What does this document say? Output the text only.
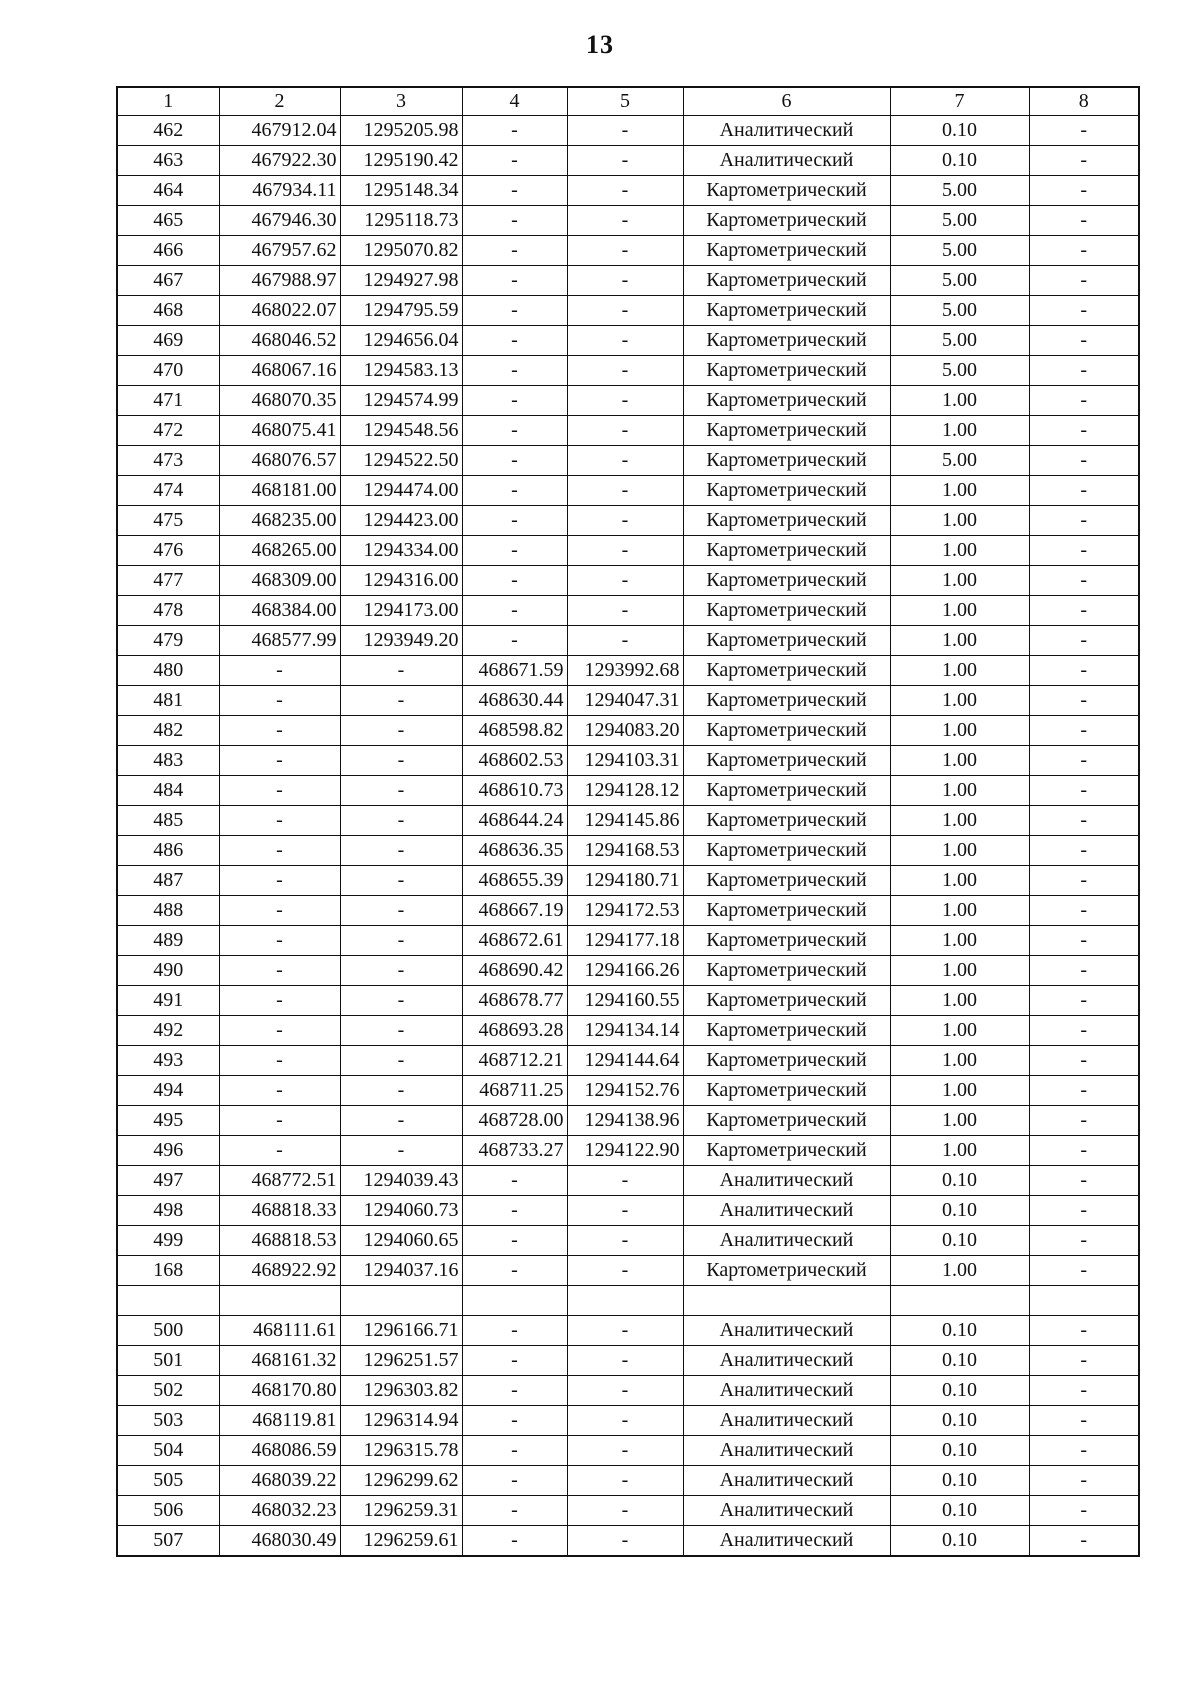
13
1	2	3	4	5	6	7	8
462	467912.04	1295205.98	-	-	Аналитический	0.10	-
463	467922.30	1295190.42	-	-	Аналитический	0.10	-
464	467934.11	1295148.34	-	-	Картометрический	5.00	-
465	467946.30	1295118.73	-	-	Картометрический	5.00	-
466	467957.62	1295070.82	-	-	Картометрический	5.00	-
467	467988.97	1294927.98	-	-	Картометрический	5.00	-
468	468022.07	1294795.59	-	-	Картометрический	5.00	-
469	468046.52	1294656.04	-	-	Картометрический	5.00	-
470	468067.16	1294583.13	-	-	Картометрический	5.00	-
471	468070.35	1294574.99	-	-	Картометрический	1.00	-
472	468075.41	1294548.56	-	-	Картометрический	1.00	-
473	468076.57	1294522.50	-	-	Картометрический	5.00	-
474	468181.00	1294474.00	-	-	Картометрический	1.00	-
475	468235.00	1294423.00	-	-	Картометрический	1.00	-
476	468265.00	1294334.00	-	-	Картометрический	1.00	-
477	468309.00	1294316.00	-	-	Картометрический	1.00	-
478	468384.00	1294173.00	-	-	Картометрический	1.00	-
479	468577.99	1293949.20	-	-	Картометрический	1.00	-
480	-	-	468671.59	1293992.68	Картометрический	1.00	-
481	-	-	468630.44	1294047.31	Картометрический	1.00	-
482	-	-	468598.82	1294083.20	Картометрический	1.00	-
483	-	-	468602.53	1294103.31	Картометрический	1.00	-
484	-	-	468610.73	1294128.12	Картометрический	1.00	-
485	-	-	468644.24	1294145.86	Картометрический	1.00	-
486	-	-	468636.35	1294168.53	Картометрический	1.00	-
487	-	-	468655.39	1294180.71	Картометрический	1.00	-
488	-	-	468667.19	1294172.53	Картометрический	1.00	-
489	-	-	468672.61	1294177.18	Картометрический	1.00	-
490	-	-	468690.42	1294166.26	Картометрический	1.00	-
491	-	-	468678.77	1294160.55	Картометрический	1.00	-
492	-	-	468693.28	1294134.14	Картометрический	1.00	-
493	-	-	468712.21	1294144.64	Картометрический	1.00	-
494	-	-	468711.25	1294152.76	Картометрический	1.00	-
495	-	-	468728.00	1294138.96	Картометрический	1.00	-
496	-	-	468733.27	1294122.90	Картометрический	1.00	-
497	468772.51	1294039.43	-	-	Аналитический	0.10	-
498	468818.33	1294060.73	-	-	Аналитический	0.10	-
499	468818.53	1294060.65	-	-	Аналитический	0.10	-
168	468922.92	1294037.16	-	-	Картометрический	1.00	-

500	468111.61	1296166.71	-	-	Аналитический	0.10	-
501	468161.32	1296251.57	-	-	Аналитический	0.10	-
502	468170.80	1296303.82	-	-	Аналитический	0.10	-
503	468119.81	1296314.94	-	-	Аналитический	0.10	-
504	468086.59	1296315.78	-	-	Аналитический	0.10	-
505	468039.22	1296299.62	-	-	Аналитический	0.10	-
506	468032.23	1296259.31	-	-	Аналитический	0.10	-
507	468030.49	1296259.61	-	-	Аналитический	0.10	-
